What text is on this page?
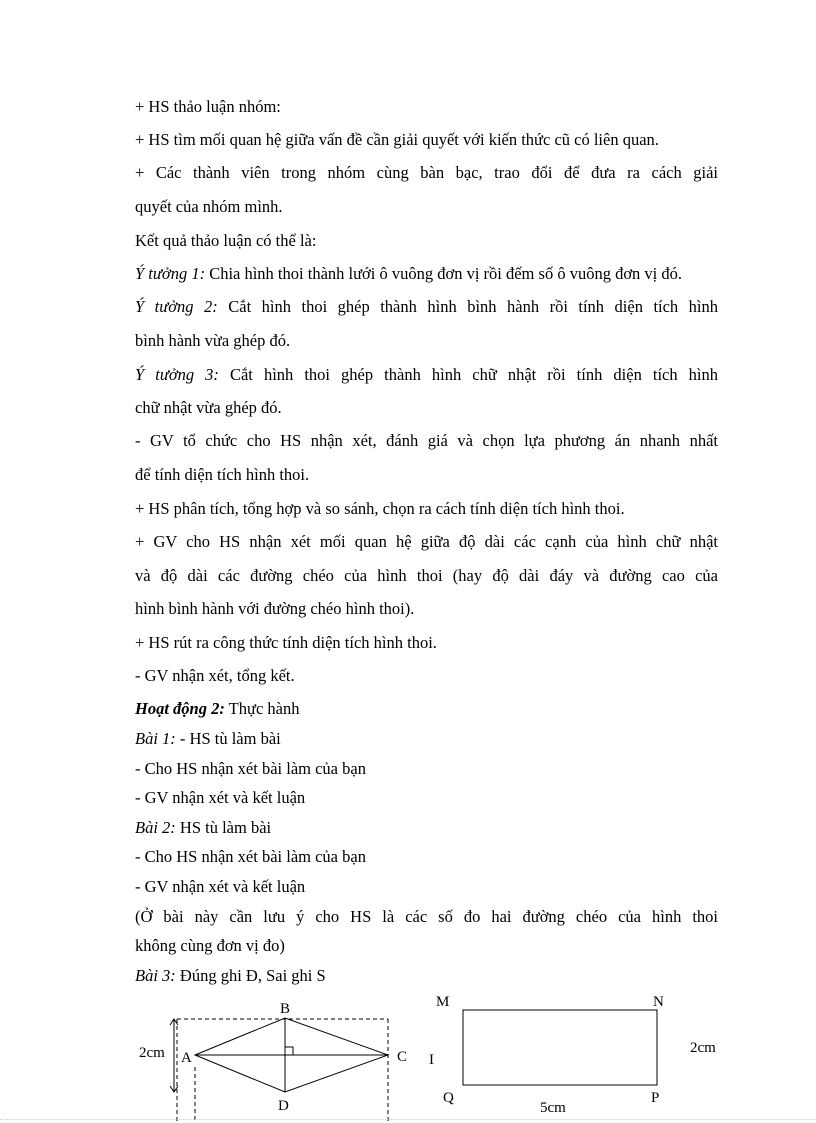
+ HS thảo luận nhóm:
+ HS tìm mối quan hệ giữa vấn đề cần giải quyết với kiến thức cũ có liên quan.
+ Các thành viên trong nhóm cùng bàn bạc, trao đổi để đưa ra cách giải
quyết của nhóm mình.
Kết quả thảo luận có thể là:
Ý tưởng 1: Chia hình thoi thành lưới ô vuông đơn vị rồi đếm số ô vuông đơn vị đó.
Ý tưởng 2: Cắt hình thoi ghép thành hình bình hành rồi tính diện tích hình
bình hành vừa ghép đó.
Ý tưởng 3: Cắt hình thoi ghép thành hình chữ nhật rồi tính diện tích hình
chữ nhật vừa ghép đó.
- GV tổ chức cho HS nhận xét, đánh giá và chọn lựa phương án nhanh nhất
để tính diện tích hình thoi.
+ HS phân tích, tổng hợp và so sánh, chọn ra cách tính diện tích hình thoi.
+ GV cho HS nhận xét mối quan hệ giữa độ dài các cạnh của hình chữ nhật
và độ dài các đường chéo của hình thoi (hay độ dài đáy và đường cao của
hình bình hành với đường chéo hình thoi).
+ HS rút ra công thức tính diện tích hình thoi.
- GV nhận xét, tổng kết.
Hoạt động 2: Thực hành
Bài 1: - HS tù làm bài
- Cho HS nhận xét bài làm của bạn
- GV nhận xét và kết luận
Bài 2: HS tù làm bài
- Cho HS nhận xét bài làm của bạn
- GV nhận xét và kết luận
(Ở bài này cần lưu ý cho HS là các số đo hai đường chéo của hình thoi
không cùng đơn vị đo)
Bài 3: Đúng ghi Đ, Sai ghi S
2cm A
B
C
D
M	N
P
Q
I
5cm
2cm
